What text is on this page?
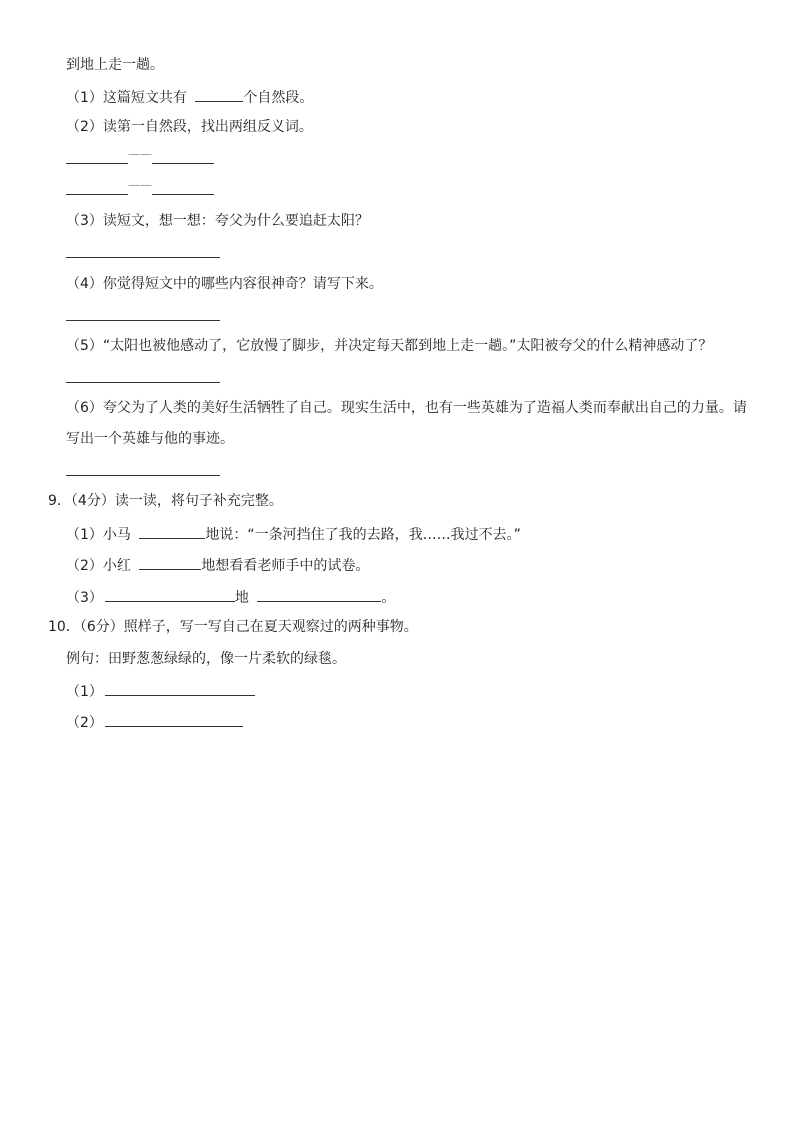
到地上走一趟。
（1）这篇短文共有	个自然段。
（2）读第一自然段，找出两组反义词。
——
——
（3）读短文，想一想：夸父为什么要追赶太阳？
（4）你觉得短文中的哪些内容很神奇？请写下来。
（5）“太阳也被他感动了，它放慢了脚步，并决定每天都到地上走一趟。”太阳被夸父的什么精神感动了？
（6）夸父为了人类的美好生活牺牲了自己。现实生活中，也有一些英雄为了造福人类而奉献出自己的力量。请
写出一个英雄与他的事迹。
9．（4分）读一读，将句子补充完整。
（1）小马	地说：“一条河挡住了我的去路，我……我过不去。”
（2）小红	地想看看老师手中的试卷。
（3）	地	。
10．（6分）照样子，写一写自己在夏天观察过的两种事物。
例句：田野葱葱绿绿的，像一片柔软的绿毯。
（1）
（2）
